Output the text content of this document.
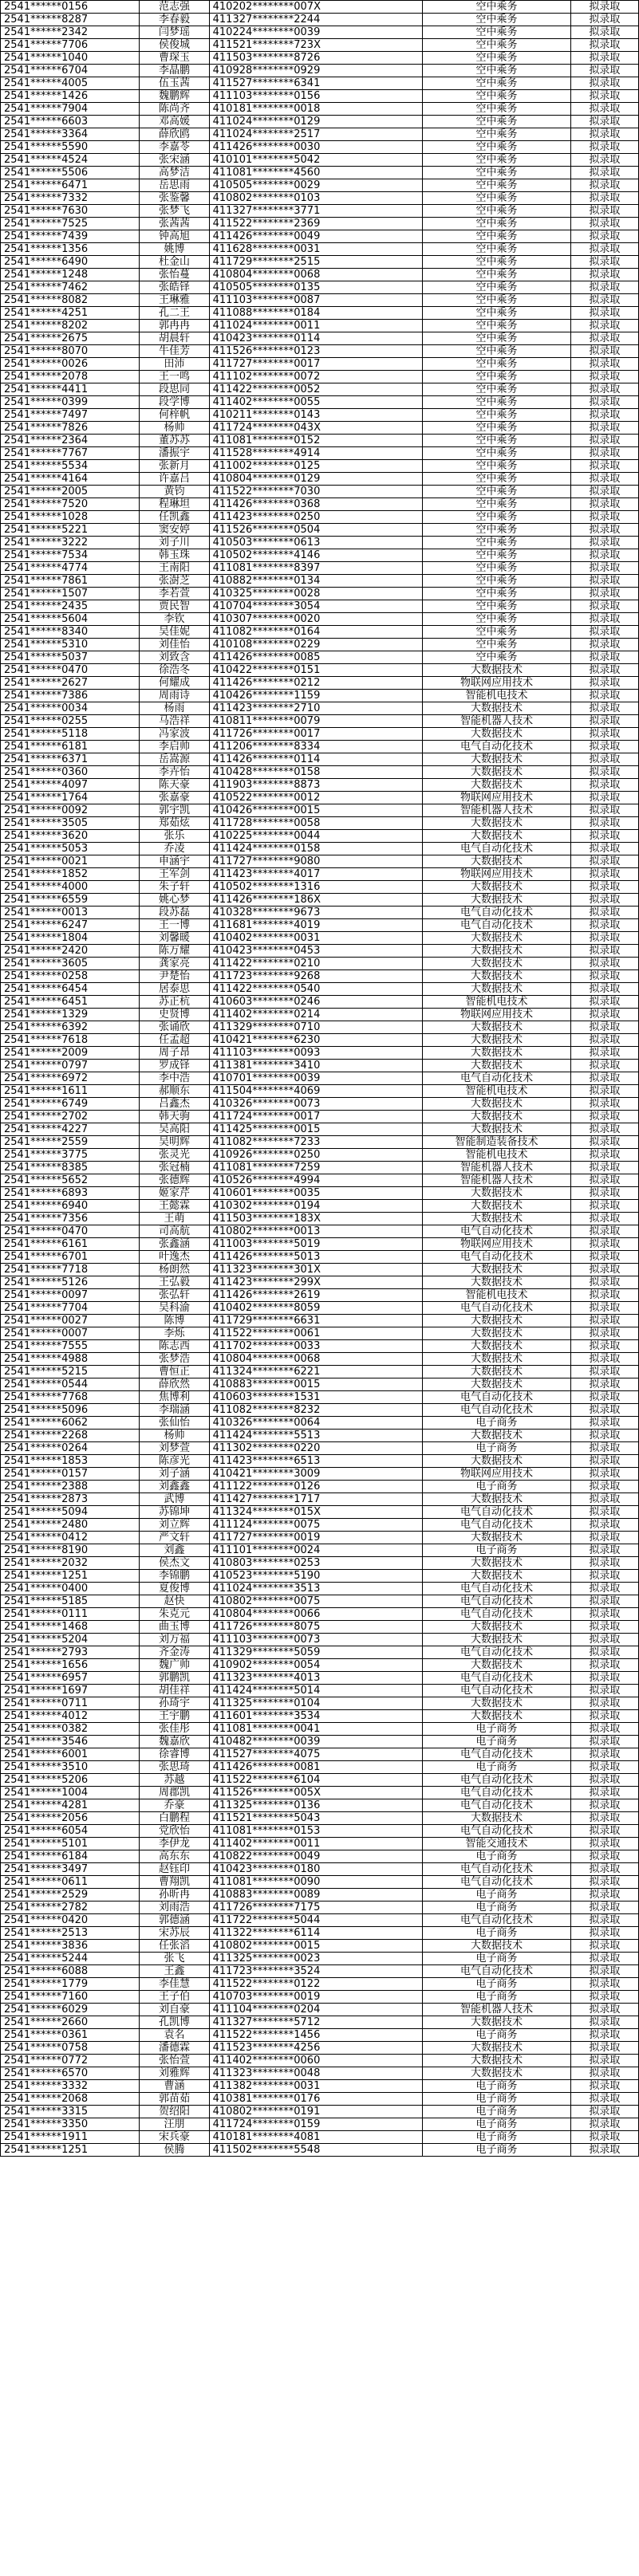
2541******0156	范志强	410202********007X	空中乘务	拟录取
2541******8287	李春毅	411327********2244	空中乘务	拟录取
2541******2342	闫梦瑶	410224********0039	空中乘务	拟录取
2541******7706	侯俊城	411521********723X	空中乘务	拟录取
2541******1040	曹琛玉	411503********8726	空中乘务	拟录取
2541******6704	李晶鹏	410928********0929	空中乘务	拟录取
2541******4005	伍玉茜	411527********6341	空中乘务	拟录取
2541******1426	魏鹏辉	411103********0156	空中乘务	拟录取
2541******7904	陈尚齐	410181********0018	空中乘务	拟录取
2541******6603	邓高媛	411024********0129	空中乘务	拟录取
2541******3364	薛欣鸥	411024********2517	空中乘务	拟录取
2541******5590	李嘉苓	411426********0030	空中乘务	拟录取
2541******4524	张宋涵	410101********5042	空中乘务	拟录取
2541******5506	高梦洁	411081********4560	空中乘务	拟录取
2541******6471	岳思雨	410505********0029	空中乘务	拟录取
2541******7332	张鉴馨	410802********0103	空中乘务	拟录取
2541******7630	张梦飞	411327********3771	空中乘务	拟录取
2541******7525	张茜茜	411522********2369	空中乘务	拟录取
2541******7439	钟高旭	411426********0049	空中乘务	拟录取
2541******1356	姚博	411628********0031	空中乘务	拟录取
2541******6490	杜金山	411729********2515	空中乘务	拟录取
2541******1248	张怡蔓	410804********0068	空中乘务	拟录取
2541******7462	张皓铎	410505********0135	空中乘务	拟录取
2541******8082	王琳雅	411103********0087	空中乘务	拟录取
2541******4251	孔二王	411088********0184	空中乘务	拟录取
2541******8202	郭冉冉	411024********0011	空中乘务	拟录取
2541******2675	胡晨轩	410423********0114	空中乘务	拟录取
2541******8070	牛佳芳	411526********0123	空中乘务	拟录取
2541******0026	田沛	411727********0017	空中乘务	拟录取
2541******2078	王一鸣	411102********0072	空中乘务	拟录取
2541******4411	段思同	411422********0052	空中乘务	拟录取
2541******0399	段学博	411402********0055	空中乘务	拟录取
2541******7497	何梓帆	410211********0143	空中乘务	拟录取
2541******7826	杨帅	411724********043X	空中乘务	拟录取
2541******2364	董苏苏	411081********0152	空中乘务	拟录取
2541******7767	潘振宇	411528********4914	空中乘务	拟录取
2541******5534	张新月	411002********0125	空中乘务	拟录取
2541******4164	许嘉吕	410804********0129	空中乘务	拟录取
2541******2005	黄钧	411522********7030	空中乘务	拟录取
2541******7520	程琳坦	411426********0368	空中乘务	拟录取
2541******1028	任凯鑫	411423********0250	空中乘务	拟录取
2541******5221	窦安婷	411526********0504	空中乘务	拟录取
2541******3222	刘子川	410503********0613	空中乘务	拟录取
2541******7534	韩玉珠	410502********4146	空中乘务	拟录取
2541******4774	王南阳	411081********8397	空中乘务	拟录取
2541******7861	张澍芝	410882********0134	空中乘务	拟录取
2541******1507	李若萱	410325********0028	空中乘务	拟录取
2541******2435	贾民智	410704********3054	空中乘务	拟录取
2541******5604	李钦	410307********0020	空中乘务	拟录取
2541******8340	吴佳妮	411082********0164	空中乘务	拟录取
2541******5310	刘佳怡	410108********0229	空中乘务	拟录取
2541******5037	刘致含	411426********0085	空中乘务	拟录取
2541******0470	徐浩冬	410422********0151	大数据技术	拟录取
2541******2627	何耀成	411426********0212	物联网应用技术	拟录取
2541******7386	周雨诗	410426********1159	智能机电技术	拟录取
2541******0034	杨雨	411423********2710	大数据技术	拟录取
2541******0255	马浩祥	410811********0079	智能机器人技术	拟录取
2541******5118	冯家波	411726********0017	大数据技术	拟录取
2541******6181	李启帅	411206********8334	电气自动化技术	拟录取
2541******6371	岳嵩源	411426********0114	大数据技术	拟录取
2541******0360	李卉怡	410428********0158	大数据技术	拟录取
2541******4097	陈天豪	411903********8873	大数据技术	拟录取
2541******1764	张嘉豪	410522********0012	物联网应用技术	拟录取
2541******0092	郭宇凯	410426********0015	智能机器人技术	拟录取
2541******3505	郑茹炫	411728********0058	大数据技术	拟录取
2541******3620	张乐	410225********0044	大数据技术	拟录取
2541******5053	乔凌	411424********0158	电气自动化技术	拟录取
2541******0021	申涵宇	411727********9080	大数据技术	拟录取
2541******1852	王军剑	411423********4017	物联网应用技术	拟录取
2541******4000	朱子轩	410502********1316	大数据技术	拟录取
2541******6559	姚心梦	411426********186X	大数据技术	拟录取
2541******0013	段苏磊	410328********9673	电气自动化技术	拟录取
2541******6247	王一博	411681********4019	电气自动化技术	拟录取
2541******1804	刘馨暖	410402********0031	大数据技术	拟录取
2541******2420	陈万耀	410423********0453	大数据技术	拟录取
2541******3605	龚家亮	411422********0210	大数据技术	拟录取
2541******0258	尹楚怡	411723********9268	大数据技术	拟录取
2541******6454	居泰思	411422********0540	大数据技术	拟录取
2541******6451	苏正杭	410603********0246	智能机电技术	拟录取
2541******1329	史贤博	411402********0214	物联网应用技术	拟录取
2541******6392	张诵欣	411329********0710	大数据技术	拟录取
2541******7618	任孟超	410421********6230	大数据技术	拟录取
2541******2009	周子昂	411103********0093	大数据技术	拟录取
2541******0797	罗成铎	411381********3410	大数据技术	拟录取
2541******6972	李中浩	410701********0039	电气自动化技术	拟录取
2541******1611	郝顺东	411504********4069	智能机电技术	拟录取
2541******6749	吕鑫杰	410326********0073	大数据技术	拟录取
2541******2702	韩天驹	411724********0017	大数据技术	拟录取
2541******4227	吴高阳	411425********0015	大数据技术	拟录取
2541******2559	吴明辉	411082********7233	智能制造装备技术	拟录取
2541******3775	张灵光	410926********0250	智能机电技术	拟录取
2541******8385	张冠楠	411081********7259	智能机器人技术	拟录取
2541******5652	张德辉	410526********4994	智能机器人技术	拟录取
2541******6893	姬家芹	410601********0035	大数据技术	拟录取
2541******6940	王懿霖	410302********0194	大数据技术	拟录取
2541******7356	王萌	411503********183X	大数据技术	拟录取
2541******0470	司高航	410802********0013	电气自动化技术	拟录取
2541******6161	张鑫涵	411003********5019	物联网应用技术	拟录取
2541******6701	叶逸杰	411426********5013	电气自动化技术	拟录取
2541******7718	杨朗然	411323********301X	大数据技术	拟录取
2541******5126	王弘毅	411423********299X	大数据技术	拟录取
2541******0097	张弘轩	411426********2619	智能机电技术	拟录取
2541******7704	吴科渝	410402********8059	电气自动化技术	拟录取
2541******0027	陈博	411729********6631	大数据技术	拟录取
2541******0007	李烁	411522********0061	大数据技术	拟录取
2541******7555	陈志西	411702********0033	大数据技术	拟录取
2541******4988	张梦浩	410804********0068	大数据技术	拟录取
2541******5215	曹恒正	411324********6221	大数据技术	拟录取
2541******0544	薛欣然	410883********0015	大数据技术	拟录取
2541******7768	焦博利	410603********1531	电气自动化技术	拟录取
2541******5096	李瑞涵	411082********8232	电气自动化技术	拟录取
2541******6062	张仙怡	410326********0064	电子商务	拟录取
2541******2268	杨帅	411424********5513	大数据技术	拟录取
2541******0264	刘梦萱	411302********0220	电子商务	拟录取
2541******1853	陈彦光	411423********6513	大数据技术	拟录取
2541******0157	刘子涵	410421********3009	物联网应用技术	拟录取
2541******2388	刘鑫鑫	411122********0126	电子商务	拟录取
2541******2873	武博	411427********1717	大数据技术	拟录取
2541******5094	苏锦坤	411324********015X	电气自动化技术	拟录取
2541******2480	刘立辉	411124********0075	电气自动化技术	拟录取
2541******0412	严文轩	411727********0019	大数据技术	拟录取
2541******8190	刘鑫	411101********0024	电子商务	拟录取
2541******2032	侯杰文	410803********0253	大数据技术	拟录取
2541******1251	李锦鹏	410523********5190	大数据技术	拟录取
2541******0400	夏俊博	411024********3513	电气自动化技术	拟录取
2541******5185	赵快	410802********0075	电气自动化技术	拟录取
2541******0111	朱克元	410804********0066	电气自动化技术	拟录取
2541******1468	曲玉博	411726********8075	大数据技术	拟录取
2541******5204	刘万福	411103********0073	大数据技术	拟录取
2541******2793	齐金涛	411329********5059	电气自动化技术	拟录取
2541******1656	魏广帅	410902********0054	大数据技术	拟录取
2541******6957	郭鹏凯	411323********4013	电气自动化技术	拟录取
2541******1697	胡佳祥	411424********5014	电气自动化技术	拟录取
2541******0711	孙琦宇	411325********0104	大数据技术	拟录取
2541******4012	王宇鹏	411601********3534	大数据技术	拟录取
2541******0382	张佳彤	411081********0041	电子商务	拟录取
2541******3546	魏嘉欣	410482********0039	电子商务	拟录取
2541******6001	徐睿博	411527********4075	电气自动化技术	拟录取
2541******3510	张思琦	411426********0081	电子商务	拟录取
2541******5206	苏越	411522********6104	电气自动化技术	拟录取
2541******1004	周郡凯	411526********005X	电气自动化技术	拟录取
2541******4281	乔豪	411325********0136	电气自动化技术	拟录取
2541******2056	白鹏程	411521********5043	大数据技术	拟录取
2541******6054	党欣怡	411081********0153	电气自动化技术	拟录取
2541******5101	李伊龙	411402********0011	智能交通技术	拟录取
2541******6184	高东东	410822********0049	电子商务	拟录取
2541******3497	赵钰印	410423********0180	电气自动化技术	拟录取
2541******0611	曹翔凯	411081********0090	电气自动化技术	拟录取
2541******2529	孙昕冉	410883********0089	电子商务	拟录取
2541******2782	刘雨浩	411726********7175	电子商务	拟录取
2541******0420	郭德涵	411722********5044	电气自动化技术	拟录取
2541******2513	宋苏辰	411322********6114	电子商务	拟录取
2541******3836	任张滔	410802********0015	大数据技术	拟录取
2541******5244	张飞	411325********0023	电子商务	拟录取
2541******6088	王鑫	411723********3524	电气自动化技术	拟录取
2541******1779	李佳慧	411522********0122	电子商务	拟录取
2541******7160	王子伯	410703********0019	电子商务	拟录取
2541******6029	刘自豪	411104********0204	智能机器人技术	拟录取
2541******2660	孔凯博	411327********5712	大数据技术	拟录取
2541******0361	袁名	411522********1456	电子商务	拟录取
2541******0758	潘德霖	411523********4256	大数据技术	拟录取
2541******0772	张怡萱	411402********0060	大数据技术	拟录取
2541******6570	刘雅辉	411323********0048	大数据技术	拟录取
2541******3332	曹涵	411382********0031	电子商务	拟录取
2541******2068	郭苗茹	410381********0176	电子商务	拟录取
2541******3315	贺绍阳	410802********0191	电子商务	拟录取
2541******3350	汪朋	411724********0159	电子商务	拟录取
2541******1911	宋兵豪	410181********4081	电子商务	拟录取
2541******1251	侯腾	411502********5548	电子商务	拟录取
